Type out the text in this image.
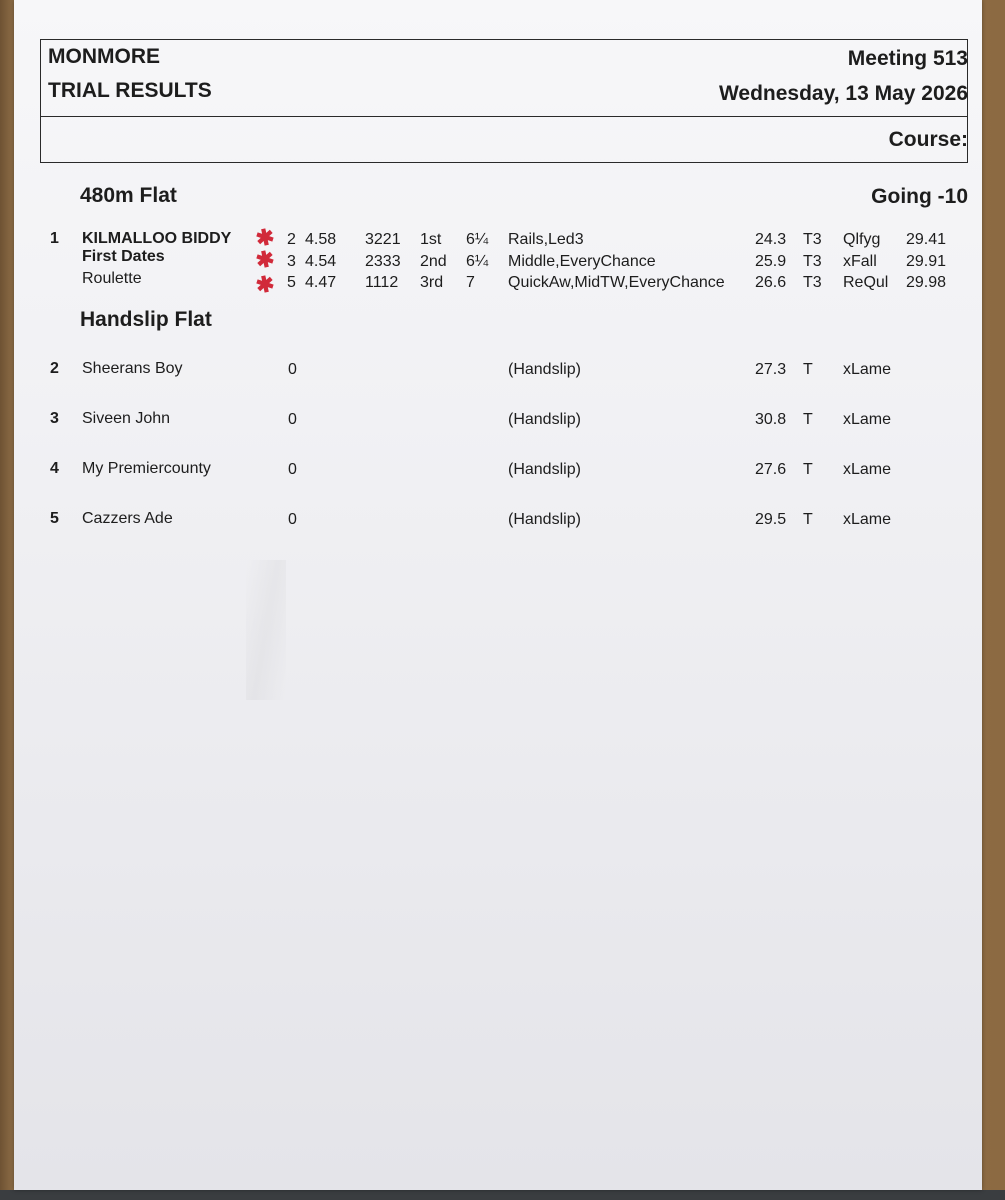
MONMORE
TRIAL RESULTS
Meeting 513
Wednesday, 13 May 2026
Course:
480m Flat	Going -10
1 KILMALLOO BIDDY ✱ 2 4.58 3221 1st 6¼ Rails,Led3	24.3 T3 Qlfyg 29.41
First Dates	✱ 3 4.54 2333 2nd 6¼ Middle,EveryChance	25.9 T3 xFall 29.91
Roulette	✱ 5 4.47 1112 3rd 7 QuickAw,MidTW,EveryChance 26.6 T3 ReQul 29.98
Handslip Flat
2 Sheerans Boy	0	(Handslip)	27.3 T xLame
3 Siveen John	0	(Handslip)	30.8 T xLame
4 My Premiercounty	0	(Handslip)	27.6 T xLame
5 Cazzers Ade	0	(Handslip)	29.5 T xLame
